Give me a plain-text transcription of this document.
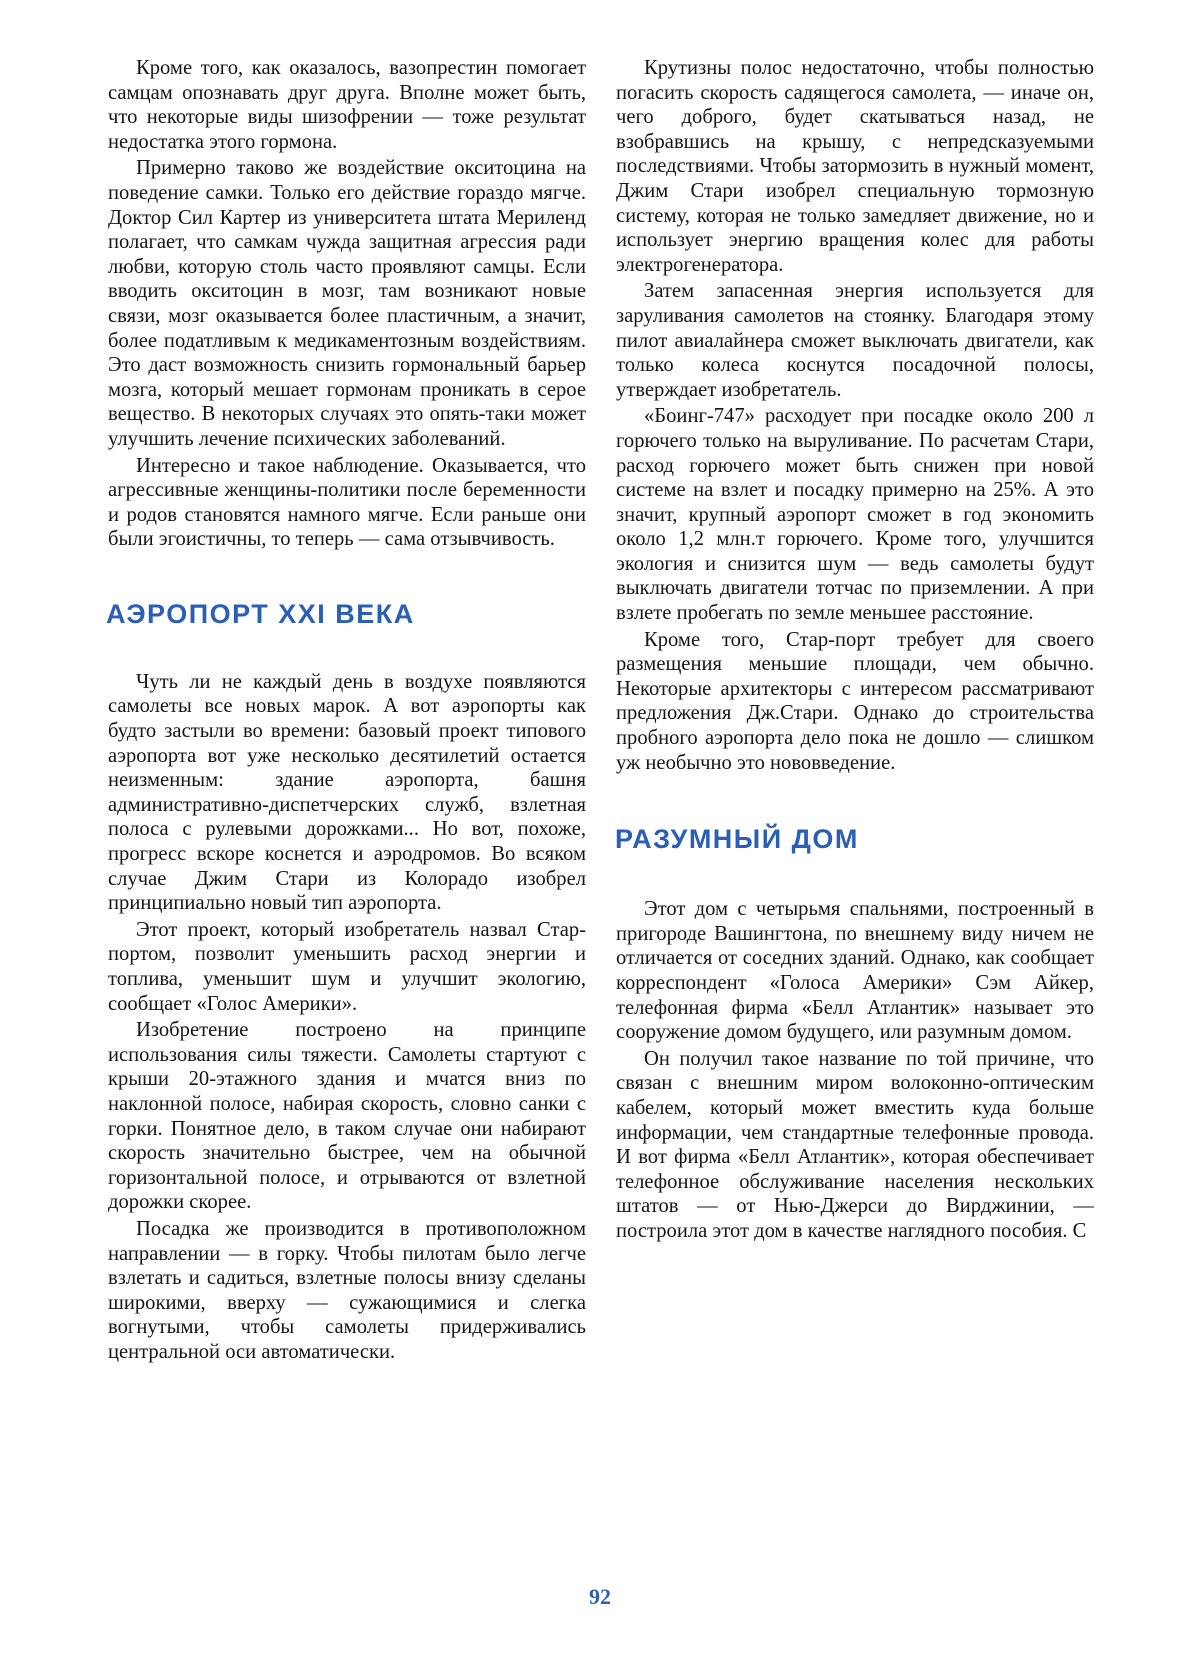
Кроме того, как оказалось, вазопрестин помогает самцам опознавать друг друга. Вполне может быть, что некоторые виды шизофрении — тоже результат недостатка этого гормона.

Примерно таково же воздействие окситоцина на поведение самки. Только его действие гораздо мягче. Доктор Сил Картер из университета штата Мериленд полагает, что самкам чужда защитная агрессия ради любви, которую столь часто проявляют самцы. Если вводить окситоцин в мозг, там возникают новые связи, мозг оказывается более пластичным, а значит, более податливым к медикаментозным воздействиям. Это даст возможность снизить гормональный барьер мозга, который мешает гормонам проникать в серое вещество. В некоторых случаях это опять-таки может улучшить лечение психических заболеваний.

Интересно и такое наблюдение. Оказывается, что агрессивные женщины-политики после беременности и родов становятся намного мягче. Если раньше они были эгоистичны, то теперь — сама отзывчивость.

АЭРОПОРТ XXI ВЕКА

Чуть ли не каждый день в воздухе появляются самолеты все новых марок. А вот аэропорты как будто застыли во времени: базовый проект типового аэропорта вот уже несколько десятилетий остается неизменным: здание аэропорта, башня административно-диспетчерских служб, взлетная полоса с рулевыми дорожками... Но вот, похоже, прогресс вскоре коснется и аэродромов. Во всяком случае Джим Стари из Колорадо изобрел принципиально новый тип аэропорта.

Этот проект, который изобретатель назвал Стар-портом, позволит уменьшить расход энергии и топлива, уменьшит шум и улучшит экологию, сообщает «Голос Америки».

Изобретение построено на принципе использования силы тяжести. Самолеты стартуют с крыши 20-этажного здания и мчатся вниз по наклонной полосе, набирая скорость, словно санки с горки. Понятное дело, в таком случае они набирают скорость значительно быстрее, чем на обычной горизонтальной полосе, и отрываются от взлетной дорожки скорее.

Посадка же производится в противоположном направлении — в горку. Чтобы пилотам было легче взлетать и садиться, взлетные полосы внизу сделаны широкими, вверху — сужающимися и слегка вогнутыми, чтобы самолеты придерживались центральной оси автоматически.

Крутизны полос недостаточно, чтобы полностью погасить скорость садящегося самолета, — иначе он, чего доброго, будет скатываться назад, не взобравшись на крышу, с непредсказуемыми последствиями. Чтобы затормозить в нужный момент, Джим Стари изобрел специальную тормозную систему, которая не только замедляет движение, но и использует энергию вращения колес для работы электрогенератора.

Затем запасенная энергия используется для заруливания самолетов на стоянку. Благодаря этому пилот авиалайнера сможет выключать двигатели, как только колеса коснутся посадочной полосы, утверждает изобретатель.

«Боинг-747» расходует при посадке около 200 л горючего только на выруливание. По расчетам Стари, расход горючего может быть снижен при новой системе на взлет и посадку примерно на 25%. А это значит, крупный аэропорт сможет в год экономить около 1,2 млн.т горючего. Кроме того, улучшится экология и снизится шум — ведь самолеты будут выключать двигатели тотчас по приземлении. А при взлете пробегать по земле меньшее расстояние.

Кроме того, Стар-порт требует для своего размещения меньшие площади, чем обычно. Некоторые архитекторы с интересом рассматривают предложения Дж.Стари. Однако до строительства пробного аэропорта дело пока не дошло — слишком уж необычно это нововведение.

РАЗУМНЫЙ ДОМ

Этот дом с четырьмя спальнями, построенный в пригороде Вашингтона, по внешнему виду ничем не отличается от соседних зданий. Однако, как сообщает корреспондент «Голоса Америки» Сэм Айкер, телефонная фирма «Белл Атлантик» называет это сооружение домом будущего, или разумным домом.

Он получил такое название по той причине, что связан с внешним миром волоконно-оптическим кабелем, который может вместить куда больше информации, чем стандартные телефонные провода. И вот фирма «Белл Атлантик», которая обеспечивает телефонное обслуживание населения нескольких штатов — от Нью-Джерси до Вирджинии, — построила этот дом в качестве наглядного пособия. С

92
